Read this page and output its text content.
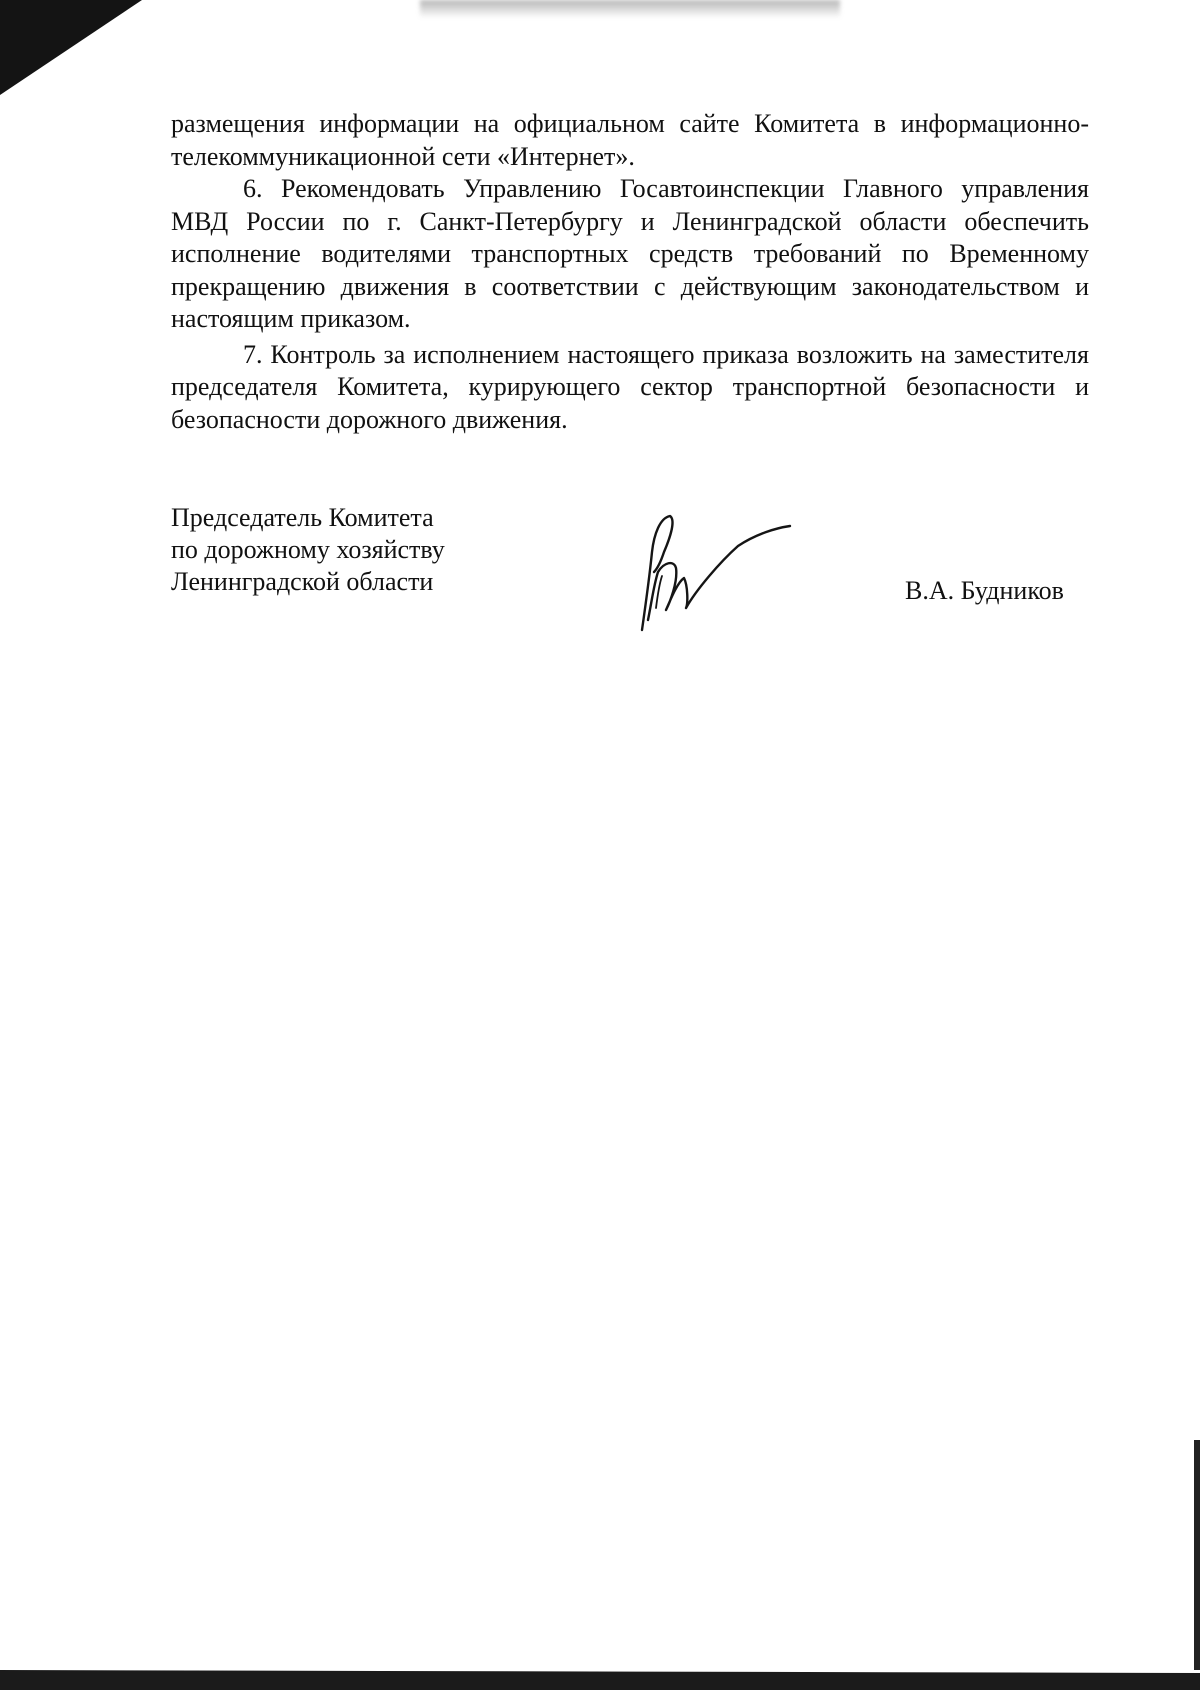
размещения информации на официальном сайте Комитета в информационно-телекоммуникационной сети «Интернет».

6. Рекомендовать Управлению Госавтоинспекции Главного управления МВД России по г. Санкт-Петербургу и Ленинградской области обеспечить исполнение водителями транспортных средств требований по Временному прекращению движения в соответствии с действующим законодательством и настоящим приказом.

7. Контроль за исполнением настоящего приказа возложить на заместителя председателя Комитета, курирующего сектор транспортной безопасности и безопасности дорожного движения.

Председатель Комитета
по дорожному хозяйству
Ленинградской области	В.А. Будников
